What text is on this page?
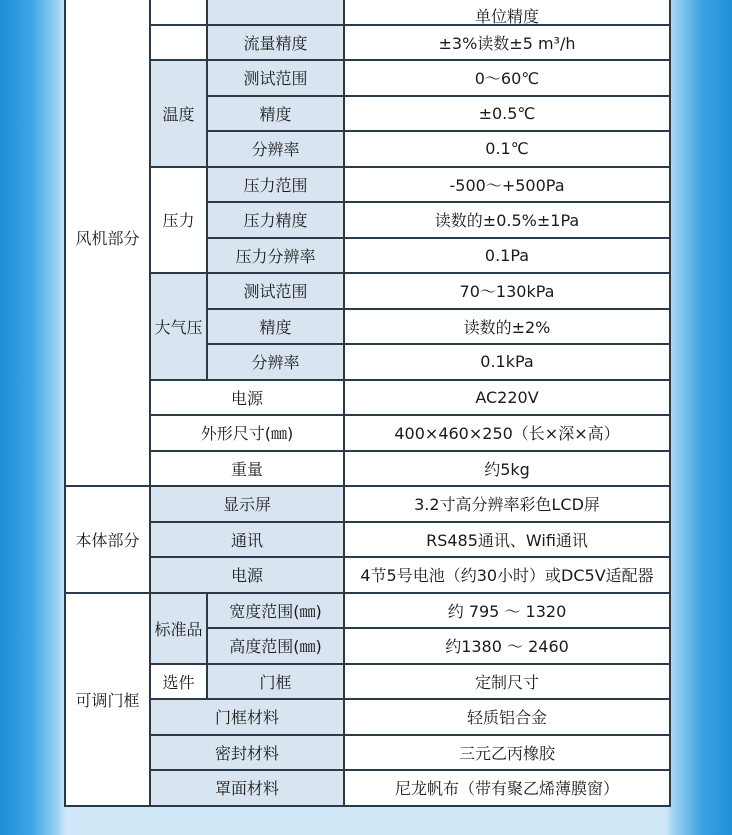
风机部分			单位精度
		流量精度	±3%读数±5 m³/h
	温度	测试范围	0～60℃
		精度	±0.5℃
		分辨率	0.1℃
	压力	压力范围	-500～+500Pa
		压力精度	读数的±0.5%±1Pa
		压力分辨率	0.1Pa
	大气压	测试范围	70～130kPa
		精度	读数的±2%
		分辨率	0.1kPa
	电源		AC220V
	外形尺寸(㎜)		400×460×250（长×深×高）
	重量		约5kg
本体部分	显示屏		3.2寸高分辨率彩色LCD屏
	通讯		RS485通讯、Wifi通讯
	电源		4节5号电池（约30小时）或DC5V适配器
可调门框	标准品	宽度范围(㎜)	约 795 ～ 1320
		高度范围(㎜)	约1380 ～ 2460
	选件	门框	定制尺寸
	门框材料		轻质铝合金
	密封材料		三元乙丙橡胶
	罩面材料		尼龙帆布（带有聚乙烯薄膜窗）
